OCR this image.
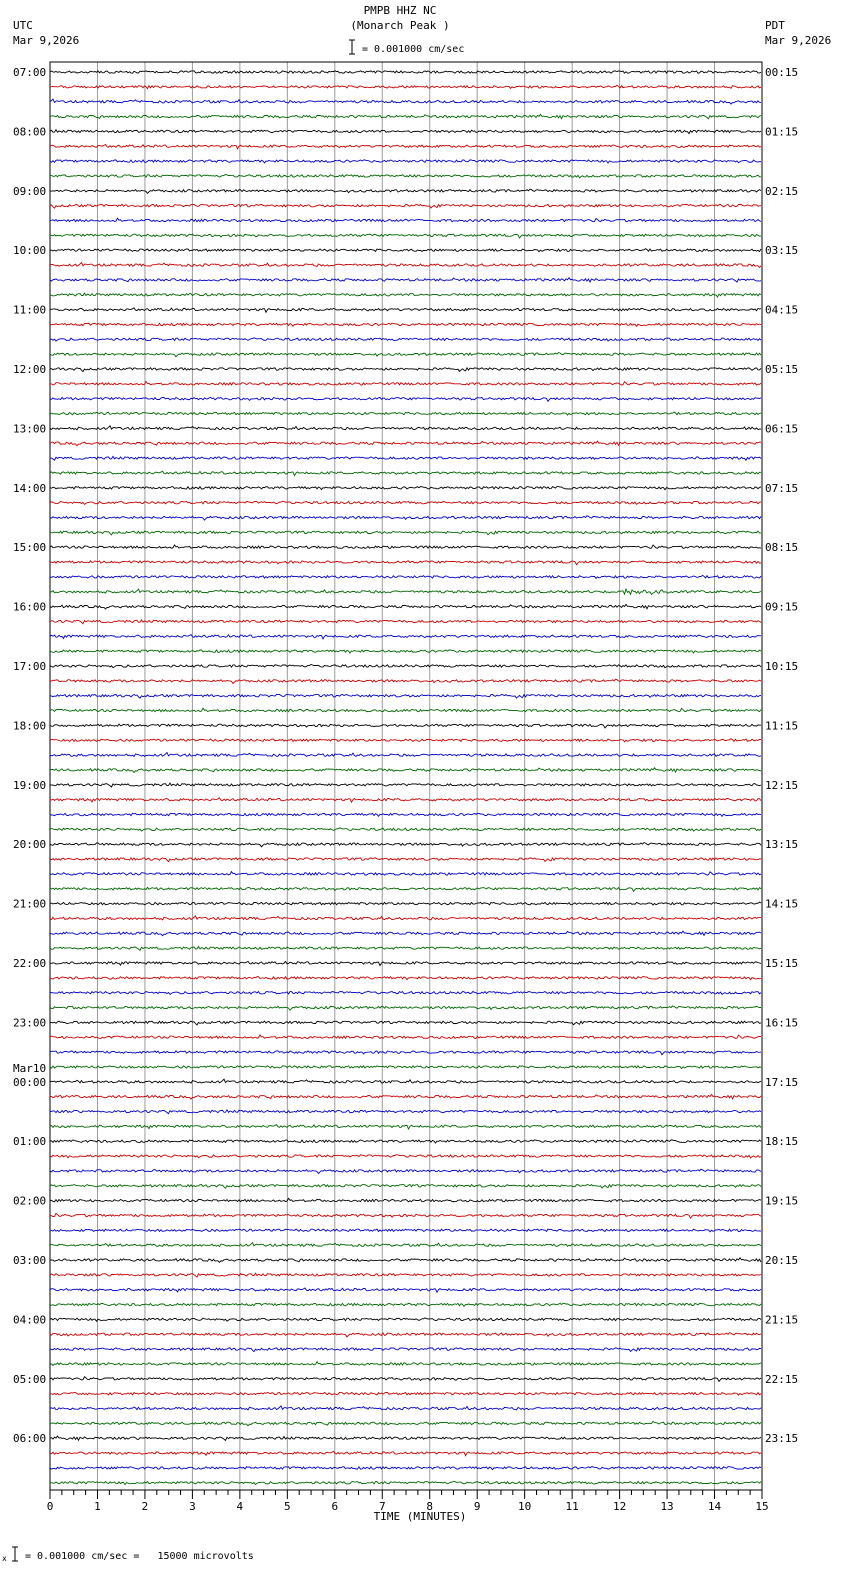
PMPB HHZ NC
(Monarch Peak )
= 0.001000 cm/sec
UTC
Mar 9,2026
PDT
Mar 9,2026
0	1	2	3	4	5	6	7	8	9	10	11	12	13	14	15
07:00
08:00
09:00
10:00
11:00
12:00
13:00
14:00
15:00
16:00
17:00
18:00
19:00
20:00
21:00
22:00
23:00
Mar10
00:00
01:00
02:00
03:00
04:00
05:00
06:00
00:15
01:15
02:15
03:15
04:15
05:15
06:15
07:15
08:15
09:15
10:15
11:15
12:15
13:15
14:15
15:15
16:15
17:15
18:15
19:15
20:15
21:15
22:15
23:15
TIME (MINUTES)
x = 0.001000 cm/sec =   15000 microvolts
